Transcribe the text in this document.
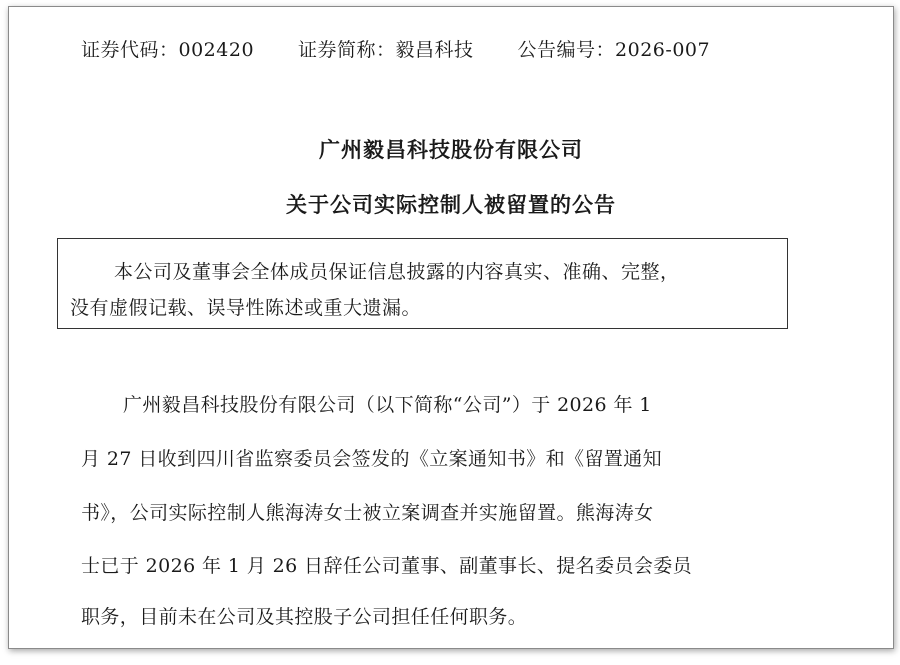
证券代码：002420 证券简称：毅昌科技 公告编号：2026-007
广州毅昌科技股份有限公司
关于公司实际控制人被留置的公告
本公司及董事会全体成员保证信息披露的内容真实、准确、完整，
没有虚假记载、误导性陈述或重大遗漏。
广州毅昌科技股份有限公司（以下简称“公司”）于 2026 年 1
月 27 日收到四川省监察委员会签发的《立案通知书》和《留置通知
书》，公司实际控制人熊海涛女士被立案调查并实施留置。熊海涛女
士已于 2026 年 1 月 26 日辞任公司董事、副董事长、提名委员会委员
职务，目前未在公司及其控股子公司担任任何职务。
